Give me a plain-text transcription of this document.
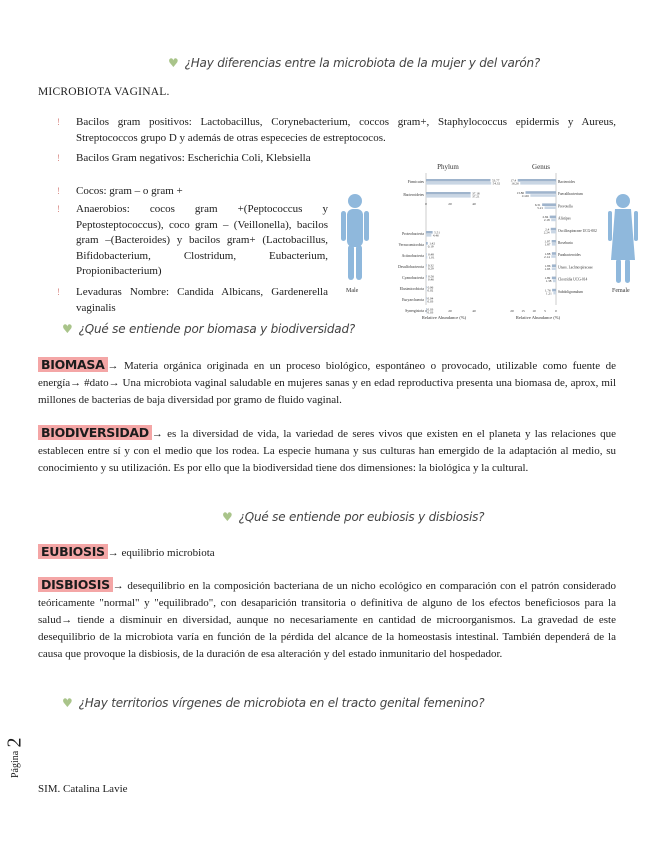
♥ ¿Hay diferencias entre la microbiota de la mujer y del varón?
MICROBIOTA VAGINAL.
! Bacilos gram positivos: Lactobacillus, Corynebacterium, coccos gram+, Staphylococcus epidermis y Aureus, Streptococcos grupo D y además de otras espececies de estreptococos.
! Bacilos Gram negativos: Escherichia Coli, Klebsiella
! Cocos: gram – o gram +
! Anaerobios: cocos gram +(Peptococcus y Peptosteptococcus), coco gram – (Veillonella), bacilos gram –(Bacteroides) y bacilos gram+ (Lactobacillus, Bifidobacterium, Clostridum, Eubacterium, Propionibacterium)
! Levaduras Nombre: Candida Albicans, Gardenerella vaginalis
Male	Female
Phylum	Genus
Firmicutes	53.77
54.32
Bacteroidetes	37.18
37.21
Proteobacteria	5.51
4.46
Verrucomicrobia 1.42
0.19
Actinobacteria 0.48
1.01
Desulfobacterota 0.32
0.29
Cyanobacteria 0.56
0.46
Elusimicrobiota 0.06
0.02
Euryarchaeota 0.04
0.03
Synergistota 0.03
0.03
0	20	40
0	20	40
Bacteroides
17.4
16.26
Faecalibacterium
13.86
11.66
Prevotella
6.31
5.21
Alistipes
2.84
2.18
Oscillospiraceae UCG-002
2.4
2.24
Roseburia
1.97
1.87
Parabacteroides
1.88
2.14
Unass. Lachnospiraceae
1.86
1.93
Clostridia UCG-014
1.89
1.38
Subdoligranulum
1.76
1.21
20 15 10 5	0
Relative Abundance (%)	Relative Abundance (%)
♥ ¿Qué se entiende por biomasa y biodiversidad?
BIOMASA → Materia orgánica originada en un proceso biológico, espontáneo o provocado, utilizable como fuente de energía→ #dato→ Una microbiota vaginal saludable en mujeres sanas y en edad reproductiva presenta una biomasa de, aprox, mil millones de bacterias de baja diversidad por gramo de fluido vaginal.
BIODIVERSIDAD → es la diversidad de vida, la variedad de seres vivos que existen en el planeta y las relaciones que establecen entre sí y con el medio que los rodea. La especie humana y sus culturas han emergido de la adaptación al medio, su conocimiento y su utilización. Es por ello que la biodiversidad tiene dos dimensiones: la biológica y la cultural.
♥ ¿Qué se entiende por eubiosis y disbiosis?
EUBIOSIS → equilibrio microbiota
DISBIOSIS → desequilibrio en la composición bacteriana de un nicho ecológico en comparación con el patrón considerado teóricamente "normal" y "equilibrado", con desaparición transitoria o definitiva de alguno de los efectos beneficiosos para la salud→ tiende a disminuir en diversidad, aunque no necesariamente en cantidad de microorganismos. La gravedad de este desequilibrio de la microbiota varía en función de la pérdida del alcance de la homeostasis intestinal. También dependerá de la causa que provoque la disbiosis, de la duración de esa alteración y del estado inmunitario del hospedador.
♥ ¿Hay territorios vírgenes de microbiota en el tracto genital femenino?
Página
2
SIM. Catalina Lavie
